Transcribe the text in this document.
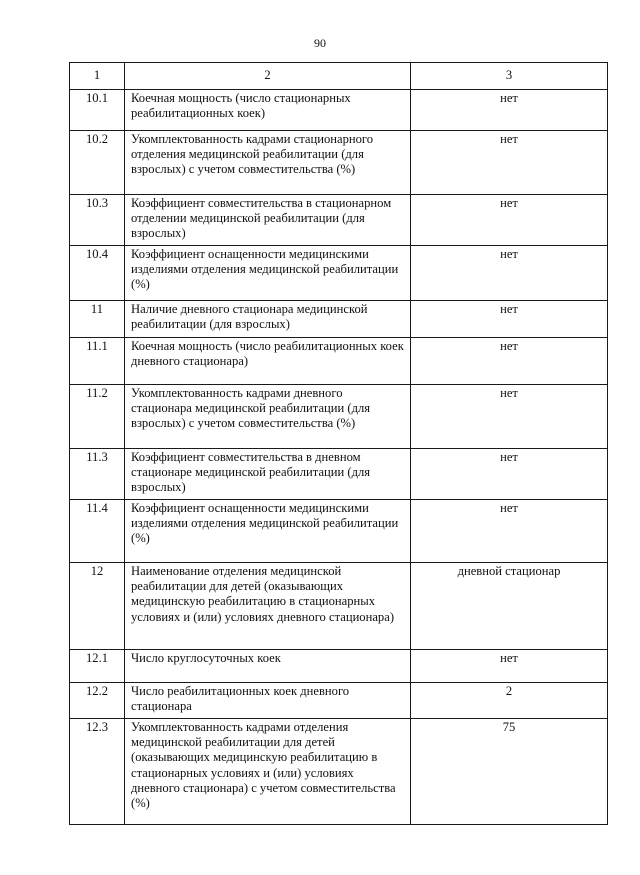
90
1	2	3
10.1	Коечная мощность (число стационарных реабилитационных коек)	нет
10.2	Укомплектованность кадрами стационарного отделения медицинской реабилитации (для взрослых) с учетом совместительства (%)	нет
10.3	Коэффициент совместительства в стационарном отделении медицинской реабилитации (для взрослых)	нет
10.4	Коэффициент оснащенности медицинскими изделиями отделения медицинской реабилитации (%)	нет
11	Наличие дневного стационара медицинской реабилитации (для взрослых)	нет
11.1	Коечная мощность (число реабилитационных коек дневного стационара)	нет
11.2	Укомплектованность кадрами дневного стационара медицинской реабилитации (для взрослых) с учетом совместительства (%)	нет
11.3	Коэффициент совместительства в дневном стационаре медицинской реабилитации (для взрослых)	нет
11.4	Коэффициент оснащенности медицинскими изделиями отделения медицинской реабилитации (%)	нет
12	Наименование отделения медицинской реабилитации для детей (оказывающих медицинскую реабилитацию в стационарных условиях и (или) условиях дневного стационара)	дневной стационар
12.1	Число круглосуточных коек	нет
12.2	Число реабилитационных коек дневного стационара	2
12.3	Укомплектованность кадрами отделения медицинской реабилитации для детей (оказывающих медицинскую реабилитацию в стационарных условиях и (или) условиях дневного стационара) с учетом совместительства (%)	75
